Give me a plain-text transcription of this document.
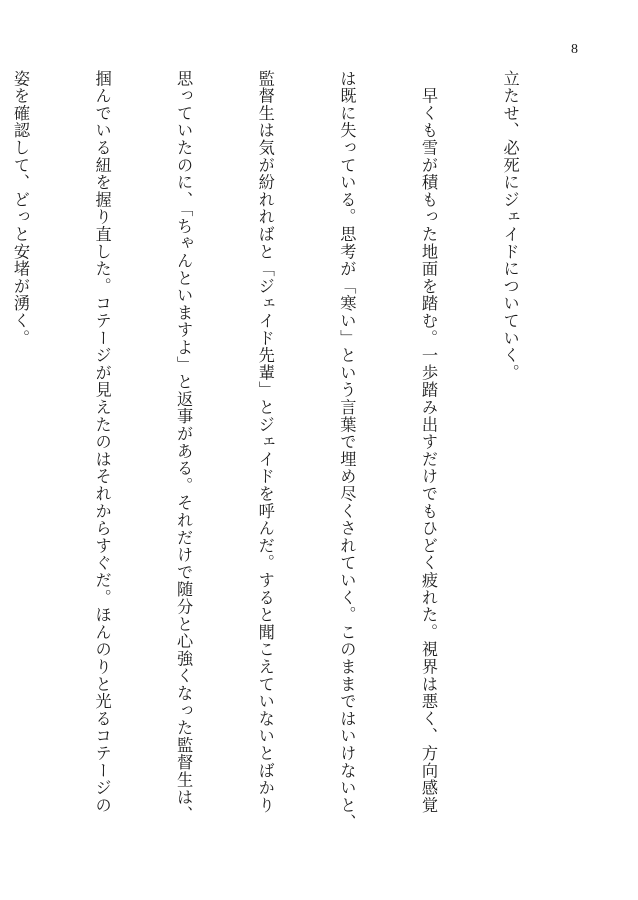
8

立たせ、必死にジェイドについていく。

　早くも雪が積もった地面を踏む。一歩踏み出すだけでもひどく疲れた。視界は悪く、方向感覚

は既に失っている。思考が「寒い」という言葉で埋め尽くされていく。このままではいけないと、

監督生は気が紛れればと「ジェイド先輩」とジェイドを呼んだ。すると聞こえていないとばかり

思っていたのに、「ちゃんといますよ」と返事がある。それだけで随分と心強くなった監督生は、

掴んでいる紐を握り直した。コテージが見えたのはそれからすぐだ。ほんのりと光るコテージの

姿を確認して、どっと安堵が湧く。
